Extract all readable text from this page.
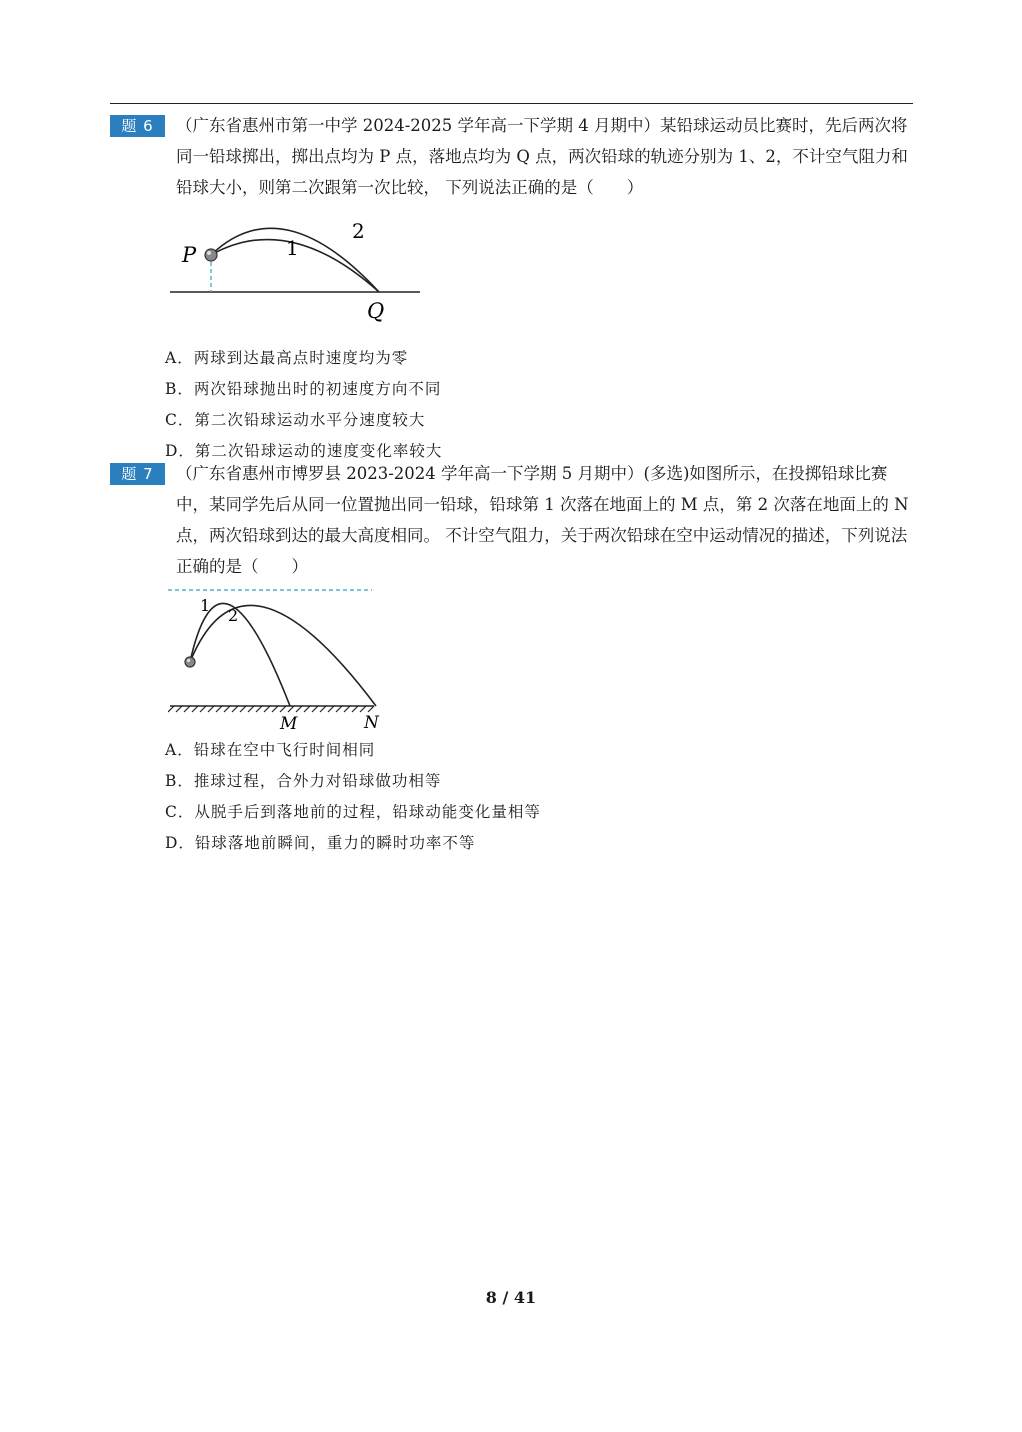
题 6	（广东省惠州市第一中学 2024-2025 学年高一下学期 4 月期中）某铅球运动员比赛时，先后两次将同一铅球掷出，掷出点均为 P 点，落地点均为 Q 点，两次铅球的轨迹分别为 1、2，不计空气阻力和铅球大小，则第二次跟第一次比较， 下列说法正确的是（　　）
P
Q
1
2
A．两球到达最高点时速度均为零
B．两次铅球抛出时的初速度方向不同
C．第二次铅球运动水平分速度较大
D．第二次铅球运动的速度变化率较大
题 7	（广东省惠州市博罗县 2023-2024 学年高一下学期 5 月期中）(多选)如图所示，在投掷铅球比赛中，某同学先后从同一位置抛出同一铅球，铅球第 1 次落在地面上的 M 点，第 2 次落在地面上的 N 点，两次铅球到达的最大高度相同。 不计空气阻力，关于两次铅球在空中运动情况的描述，下列说法正确的是（　　）
1
2
M	N
A．铅球在空中飞行时间相同
B．推球过程，合外力对铅球做功相等
C．从脱手后到落地前的过程，铅球动能变化量相等
D．铅球落地前瞬间，重力的瞬时功率不等
8 / 41
